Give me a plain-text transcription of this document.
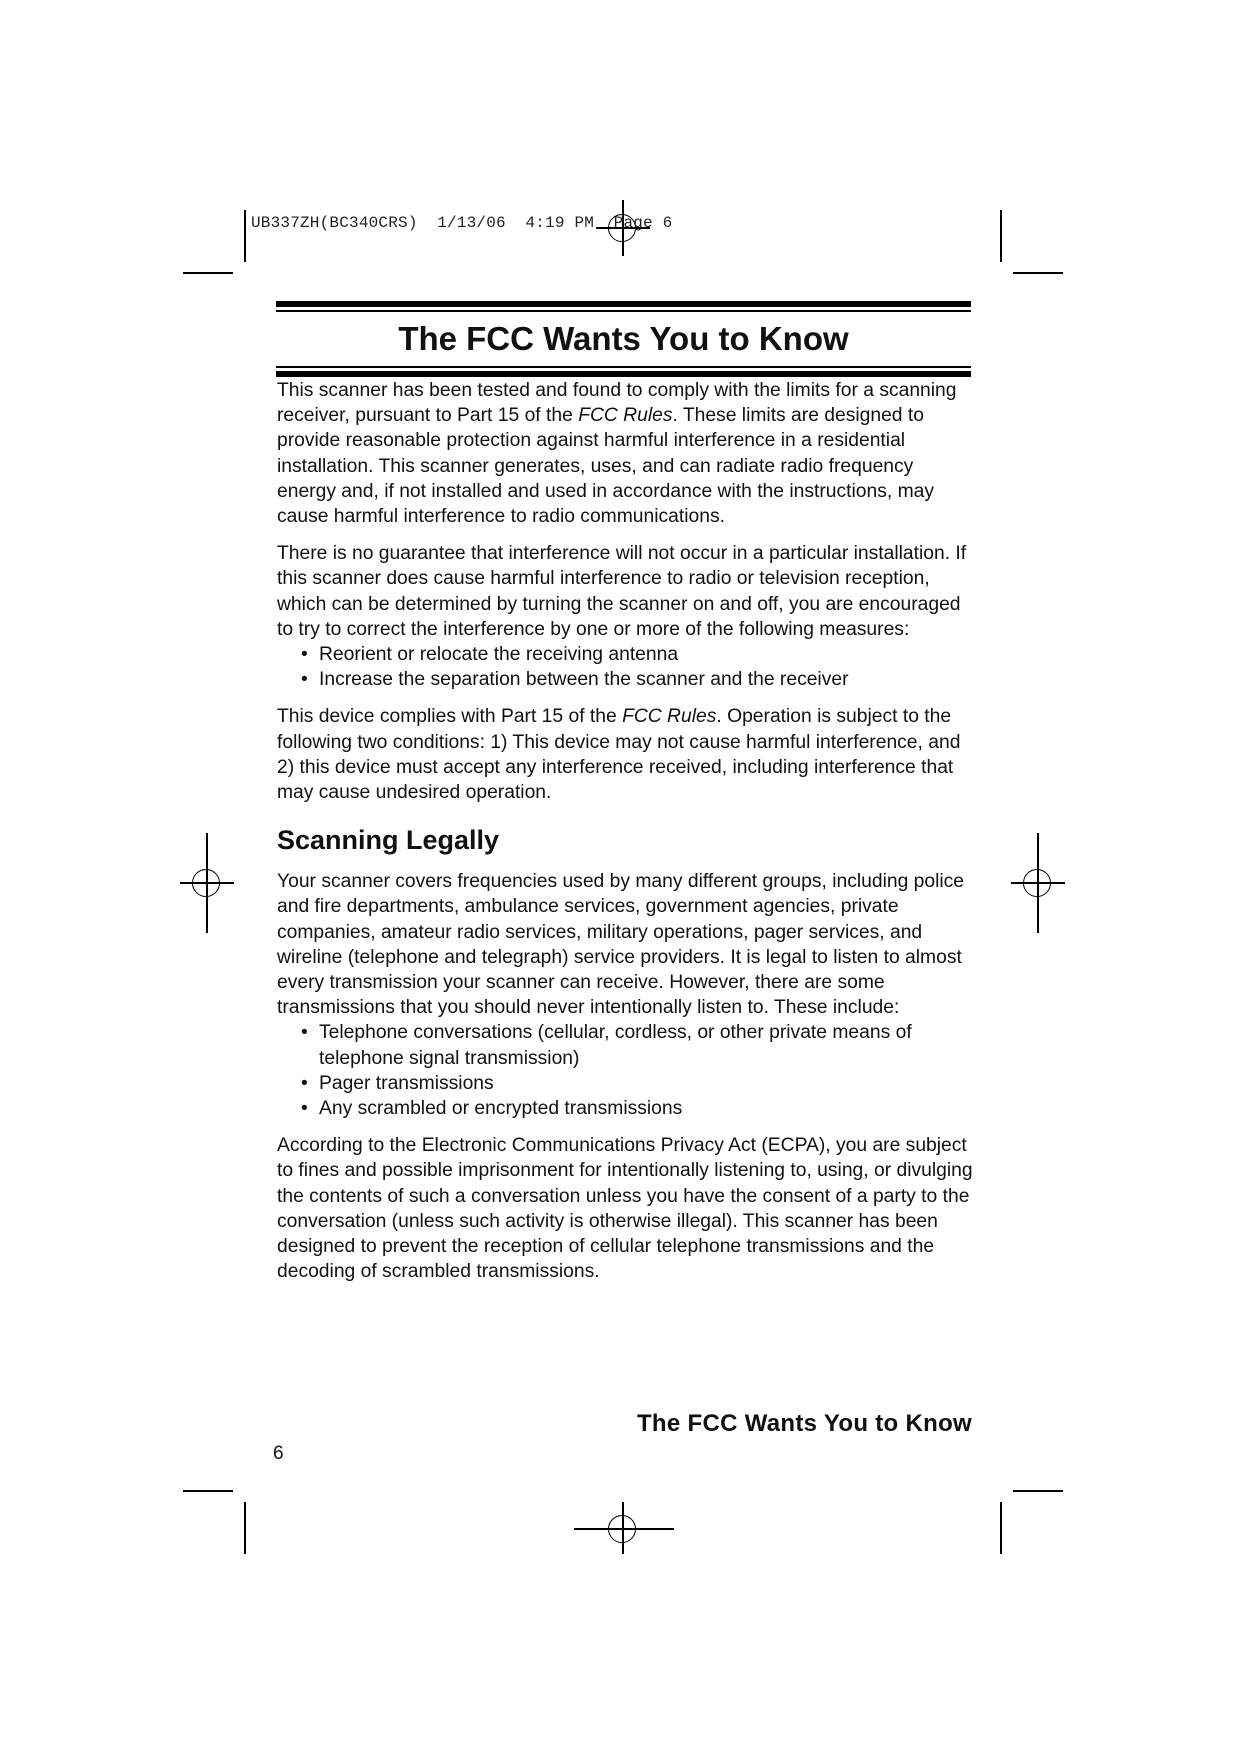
UB337ZH(BC340CRS)  1/13/06  4:19 PM  Page 6
The FCC Wants You to Know

This scanner has been tested and found to comply with the limits for a scanning receiver, pursuant to Part 15 of the FCC Rules. These limits are designed to provide reasonable protection against harmful interference in a residential installation. This scanner generates, uses, and can radiate radio frequency energy and, if not installed and used in accordance with the instructions, may cause harmful interference to radio communications.

There is no guarantee that interference will not occur in a particular installation. If this scanner does cause harmful interference to radio or television reception, which can be determined by turning the scanner on and off, you are encouraged to try to correct the interference by one or more of the following measures:

• Reorient or relocate the receiving antenna
• Increase the separation between the scanner and the receiver

This device complies with Part 15 of the FCC Rules. Operation is subject to the following two conditions: 1) This device may not cause harmful interference, and 2) this device must accept any interference received, including interference that may cause undesired operation.

Scanning Legally

Your scanner covers frequencies used by many different groups, including police and fire departments, ambulance services, government agencies, private companies, amateur radio services, military operations, pager services, and wireline (telephone and telegraph) service providers. It is legal to listen to almost every transmission your scanner can receive. However, there are some transmissions that you should never intentionally listen to. These include:

• Telephone conversations (cellular, cordless, or other private means of telephone signal transmission)
• Pager transmissions
• Any scrambled or encrypted transmissions

According to the Electronic Communications Privacy Act (ECPA), you are subject to fines and possible imprisonment for intentionally listening to, using, or divulging the contents of such a conversation unless you have the consent of a party to the conversation (unless such activity is otherwise illegal). This scanner has been designed to prevent the reception of cellular telephone transmissions and the decoding of scrambled transmissions.

The FCC Wants You to Know
6
